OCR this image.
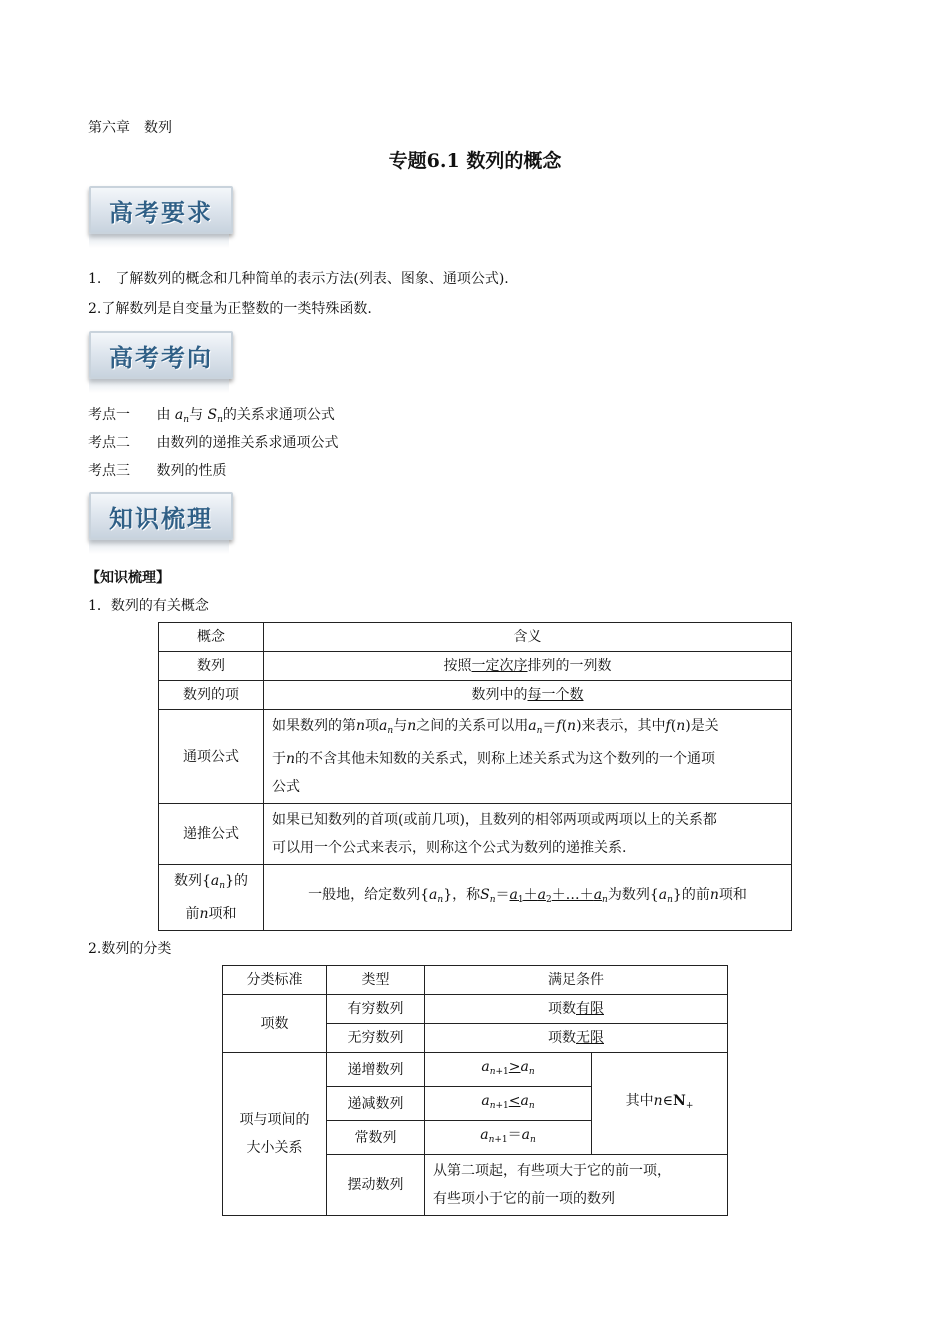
第六章　数列
专题6.1 数列的概念
高考要求
1.　了解数列的概念和几种简单的表示方法(列表、图象、通项公式).
2.了解数列是自变量为正整数的一类特殊函数.
高考考向
考点一 由 $a_n$与 $S_n$的关系求通项公式
考点二 由数列的递推关系求通项公式
考点三 数列的性质
知识梳理
【知识梳理】
1．数列的有关概念
概念	含义
数列	按照一定次序排列的一列数
数列的项	数列中的每一个数
通项公式	如果数列的第n项$a_n$与n之间的关系可以用$a_n=f(n)$来表示，其中f(n)是关
于n的不含其他未知数的关系式，则称上述关系式为这个数列的一个通项
公式

递推公式	如果已知数列的首项(或前几项)，且数列的相邻两项或两项以上的关系都
可以用一个公式来表示，则称这个公式为数列的递推关系.

数列$\{a_n\}$的
前n项和	一般地，给定数列$\{a_n\}$，称$S_n=a_1+a_2+\dots+a_n$为数列$\{a_n\}$的前n项和
2.数列的分类
分类标准	类型	满足条件	
项数	有穷数列	项数有限	
	无穷数列	项数无限	

项与项间的
大小关系	递增数列	$a_{n+1}>a_n$	其中$n\in N_+$
	递减数列	$a_{n+1}<a_n$
	常数列	$a_{n+1}=a_n$
	摆动数列	从第二项起，有些项大于它的前一项，
有些项小于它的前一项的数列	
